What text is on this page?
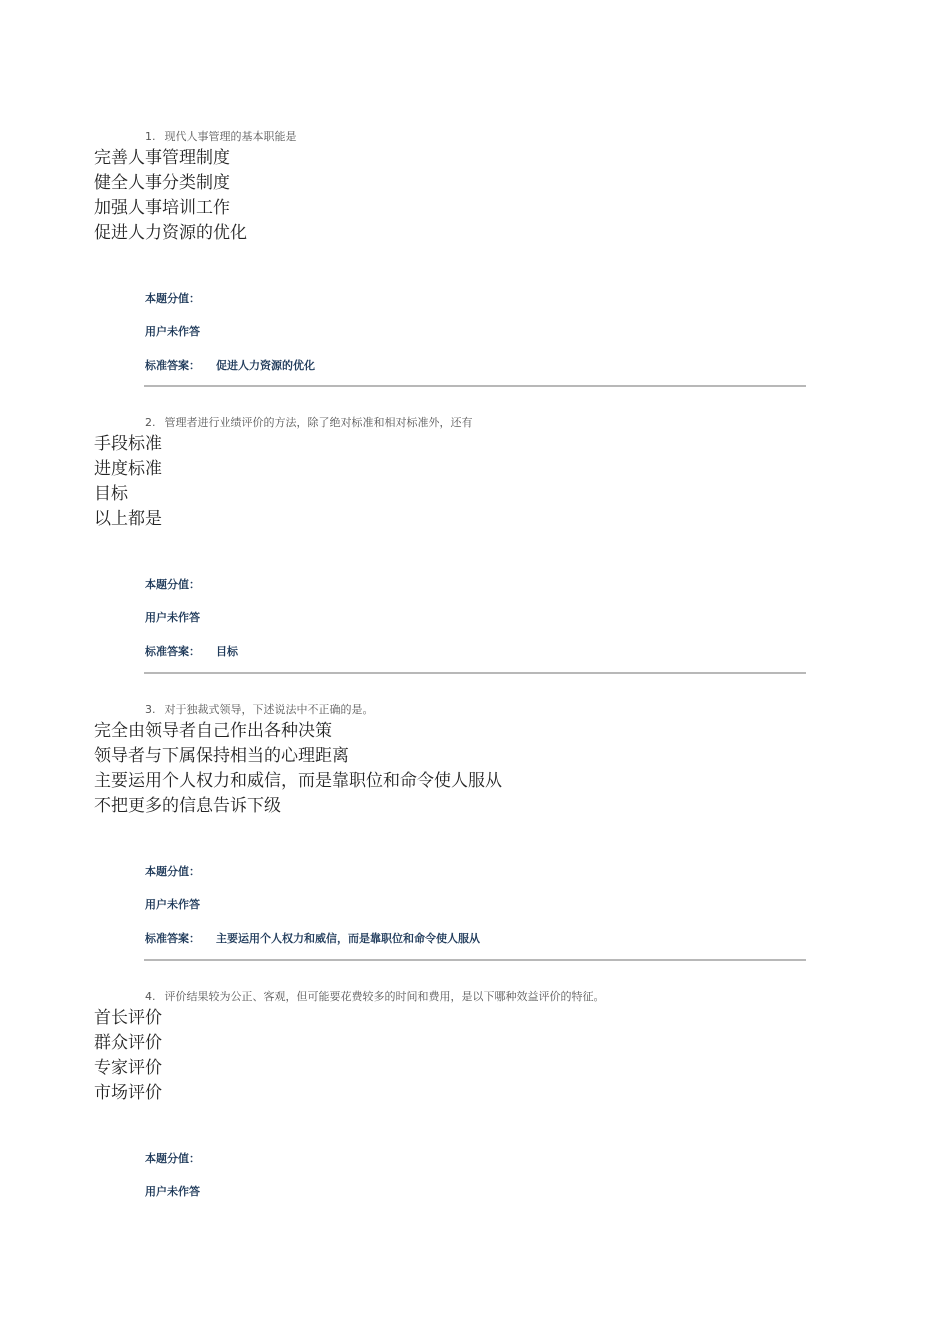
1. 现代人事管理的基本职能是
完善人事管理制度
健全人事分类制度
加强人事培训工作
促进人力资源的优化
本题分值：
用户未作答
标准答案： 促进人力资源的优化
2. 管理者进行业绩评价的方法，除了绝对标准和相对标准外，还有
手段标准
进度标准
目标
以上都是
本题分值：
用户未作答
标准答案： 目标
3. 对于独裁式领导，下述说法中不正确的是。
完全由领导者自己作出各种决策
领导者与下属保持相当的心理距离
主要运用个人权力和威信，而是靠职位和命令使人服从
不把更多的信息告诉下级
本题分值：
用户未作答
标准答案： 主要运用个人权力和威信，而是靠职位和命令使人服从
4. 评价结果较为公正、客观，但可能要花费较多的时间和费用，是以下哪种效益评价的特征。
首长评价
群众评价
专家评价
市场评价
本题分值：
用户未作答
